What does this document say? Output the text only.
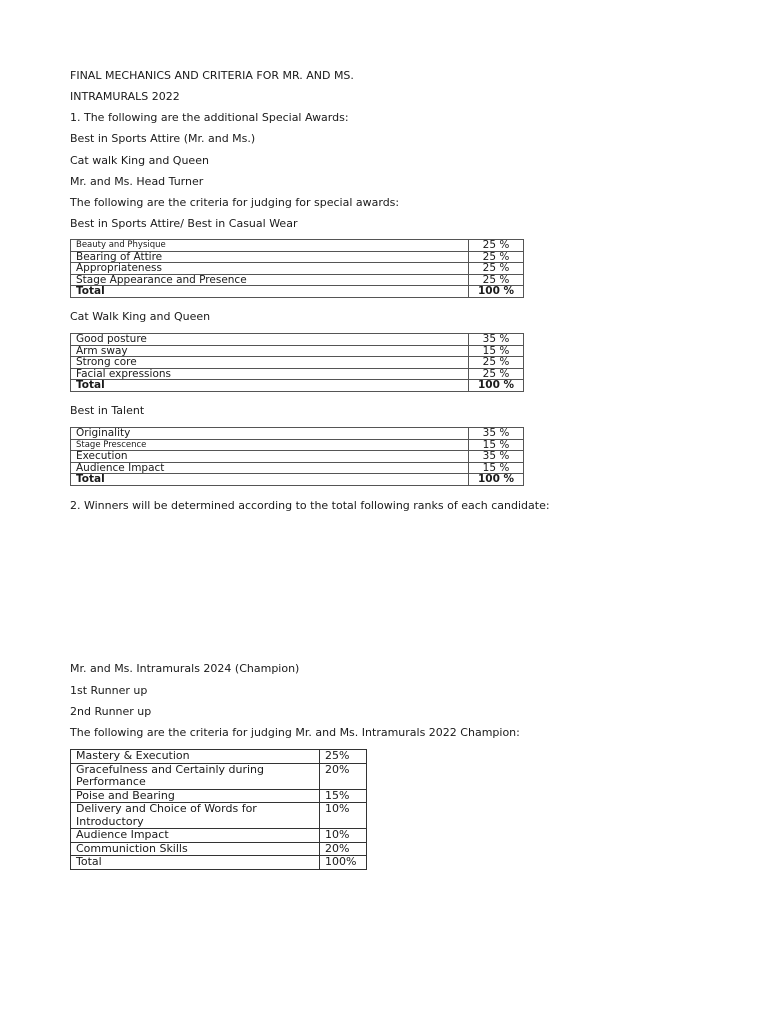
FINAL MECHANICS AND CRITERIA FOR MR. AND MS.

INTRAMURALS 2022

1. The following are the additional Special Awards:

Best in Sports Attire (Mr. and Ms.)

Cat walk King and Queen

Mr. and Ms. Head Turner

The following are the criteria for judging for special awards:

Best in Sports Attire/ Best in Casual Wear

Beauty and Physique	25 %
Bearing of Attire	25 %
Appropriateness	25 %
Stage Appearance and Presence	25 %
Total	100 %

Cat Walk King and Queen

Good posture	35 %
Arm sway	15 %
Strong core	25 %
Facial expressions	25 %
Total	100 %

Best in Talent

Originality	35 %
Stage Prescence	15 %
Execution	35 %
Audience Impact	15 %
Total	100 %

2. Winners will be determined according to the total following ranks of each candidate:

Mr. and Ms. Intramurals 2024 (Champion)

1st Runner up

2nd Runner up

The following are the criteria for judging Mr. and Ms. Intramurals 2022 Champion:

Mastery & Execution	25%
Gracefulness and Certainly during Performance	20%
Poise and Bearing	15%
Delivery and Choice of Words for Introductory	10%
Audience Impact	10%
Communiction Skills	20%
Total	100%
